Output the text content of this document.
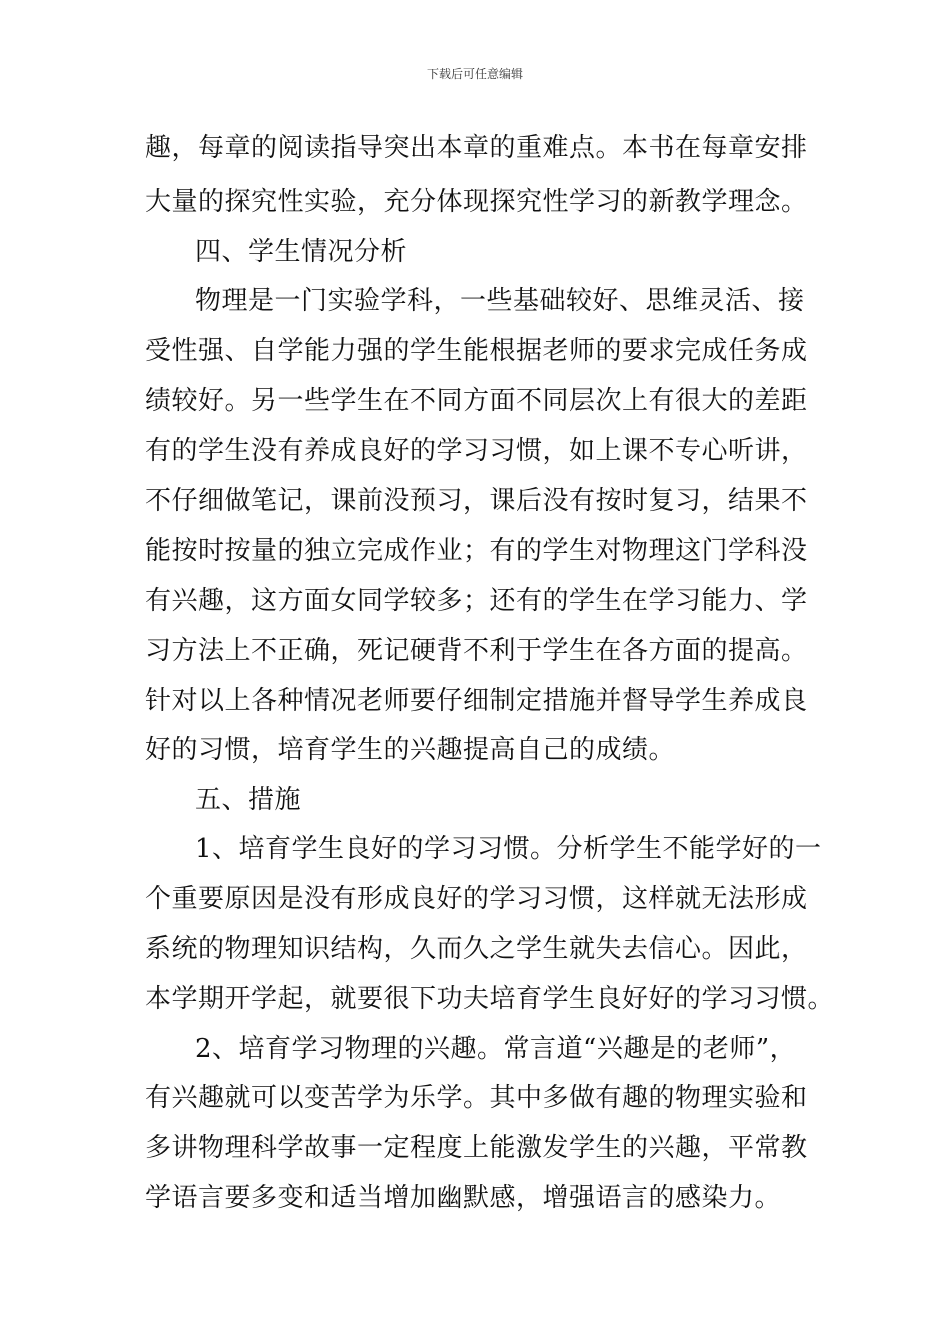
下载后可任意编辑
趣，每章的阅读指导突出本章的重难点。本书在每章安排
大量的探究性实验，充分体现探究性学习的新教学理念。
四、学生情况分析
物理是一门实验学科，一些基础较好、思维灵活、接
受性强、自学能力强的学生能根据老师的要求完成任务成
绩较好。另一些学生在不同方面不同层次上有很大的差距
有的学生没有养成良好的学习习惯，如上课不专心听讲，
不仔细做笔记，课前没预习，课后没有按时复习，结果不
能按时按量的独立完成作业；有的学生对物理这门学科没
有兴趣，这方面女同学较多；还有的学生在学习能力、学
习方法上不正确，死记硬背不利于学生在各方面的提高。
针对以上各种情况老师要仔细制定措施并督导学生养成良
好的习惯，培育学生的兴趣提高自己的成绩。
五、措施
1、培育学生良好的学习习惯。分析学生不能学好的一
个重要原因是没有形成良好的学习习惯，这样就无法形成
系统的物理知识结构，久而久之学生就失去信心。因此，
本学期开学起，就要很下功夫培育学生良好好的学习习惯。
2、培育学习物理的兴趣。常言道“兴趣是的老师”，
有兴趣就可以变苦学为乐学。其中多做有趣的物理实验和
多讲物理科学故事一定程度上能激发学生的兴趣，平常教
学语言要多变和适当增加幽默感，增强语言的感染力。
